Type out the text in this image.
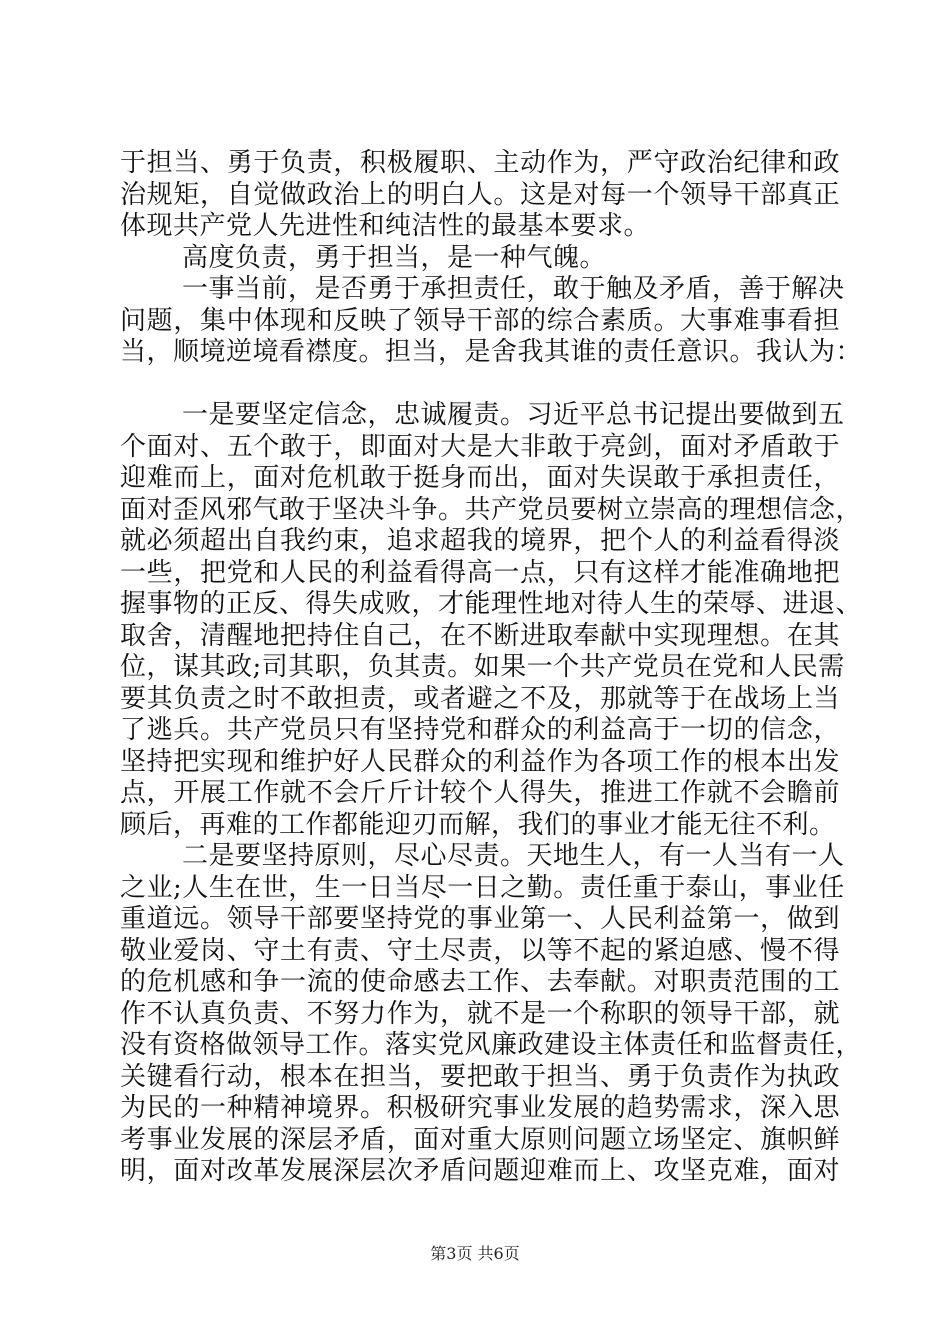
于担当、勇于负责，积极履职、主动作为，严守政治纪律和政
治规矩，自觉做政治上的明白人。这是对每一个领导干部真正
体现共产党人先进性和纯洁性的最基本要求。
高度负责，勇于担当，是一种气魄。
一事当前，是否勇于承担责任，敢于触及矛盾，善于解决
问题，集中体现和反映了领导干部的综合素质。大事难事看担
当，顺境逆境看襟度。担当，是舍我其谁的责任意识。我认为：
一是要坚定信念，忠诚履责。习近平总书记提出要做到五
个面对、五个敢于，即面对大是大非敢于亮剑，面对矛盾敢于
迎难而上，面对危机敢于挺身而出，面对失误敢于承担责任，
面对歪风邪气敢于坚决斗争。共产党员要树立崇高的理想信念，
就必须超出自我约束，追求超我的境界，把个人的利益看得淡
一些，把党和人民的利益看得高一点，只有这样才能准确地把
握事物的正反、得失成败，才能理性地对待人生的荣辱、进退、
取舍，清醒地把持住自己，在不断进取奉献中实现理想。在其
位，谋其政;司其职，负其责。如果一个共产党员在党和人民需
要其负责之时不敢担责，或者避之不及，那就等于在战场上当
了逃兵。共产党员只有坚持党和群众的利益高于一切的信念，
坚持把实现和维护好人民群众的利益作为各项工作的根本出发
点，开展工作就不会斤斤计较个人得失，推进工作就不会瞻前
顾后，再难的工作都能迎刃而解，我们的事业才能无往不利。
二是要坚持原则，尽心尽责。天地生人，有一人当有一人
之业;人生在世，生一日当尽一日之勤。责任重于泰山，事业任
重道远。领导干部要坚持党的事业第一、人民利益第一，做到
敬业爱岗、守土有责、守土尽责，以等不起的紧迫感、慢不得
的危机感和争一流的使命感去工作、去奉献。对职责范围的工
作不认真负责、不努力作为，就不是一个称职的领导干部，就
没有资格做领导工作。落实党风廉政建设主体责任和监督责任，
关键看行动，根本在担当，要把敢于担当、勇于负责作为执政
为民的一种精神境界。积极研究事业发展的趋势需求，深入思
考事业发展的深层矛盾，面对重大原则问题立场坚定、旗帜鲜
明，面对改革发展深层次矛盾问题迎难而上、攻坚克难，面对
第3页 共6页
